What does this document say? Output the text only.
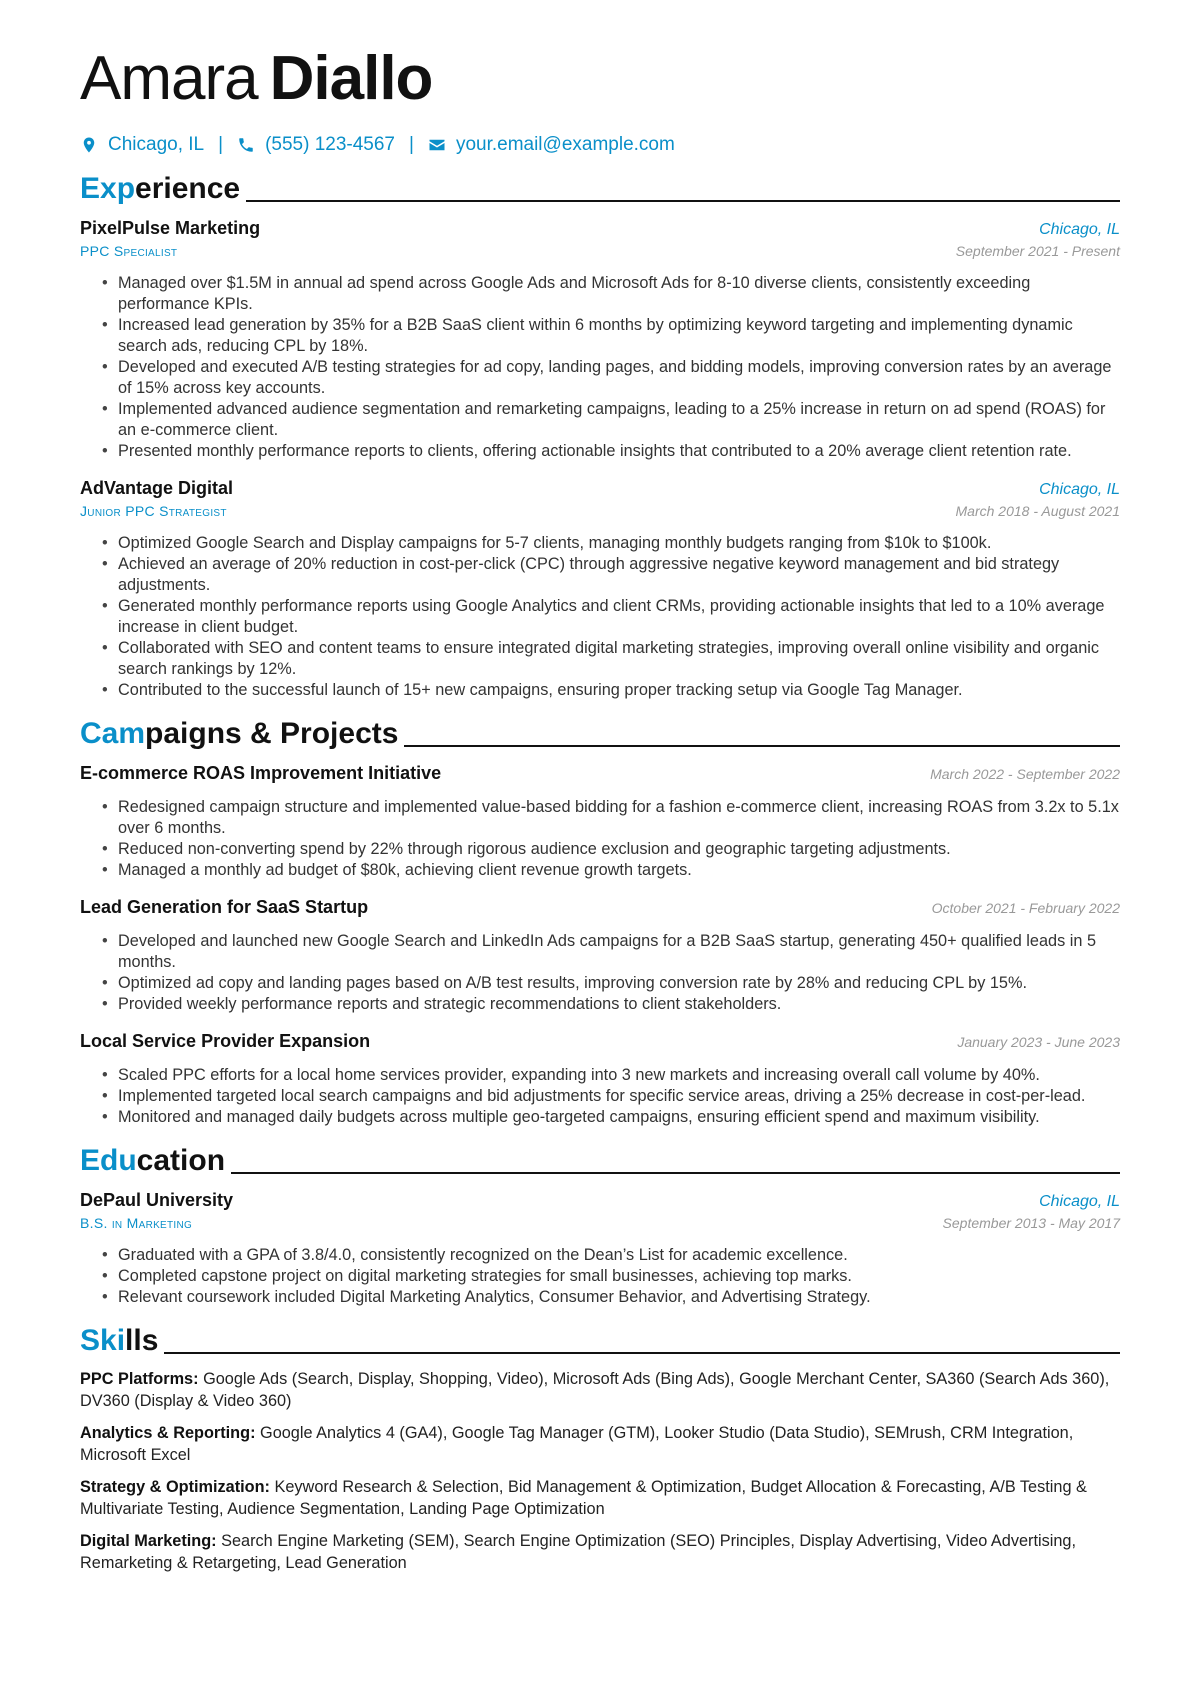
Amara Diallo
Chicago, IL | (555) 123-4567 | your.email@example.com
Experience
PixelPulse Marketing	Chicago, IL
PPC Specialist	September 2021 - Present
• Managed over $1.5M in annual ad spend across Google Ads and Microsoft Ads for 8-10 diverse clients, consistently exceeding performance KPIs.
• Increased lead generation by 35% for a B2B SaaS client within 6 months by optimizing keyword targeting and implementing dynamic search ads, reducing CPL by 18%.
• Developed and executed A/B testing strategies for ad copy, landing pages, and bidding models, improving conversion rates by an average of 15% across key accounts.
• Implemented advanced audience segmentation and remarketing campaigns, leading to a 25% increase in return on ad spend (ROAS) for an e-commerce client.
• Presented monthly performance reports to clients, offering actionable insights that contributed to a 20% average client retention rate.
AdVantage Digital	Chicago, IL
Junior PPC Strategist	March 2018 - August 2021
• Optimized Google Search and Display campaigns for 5-7 clients, managing monthly budgets ranging from $10k to $100k.
• Achieved an average of 20% reduction in cost-per-click (CPC) through aggressive negative keyword management and bid strategy adjustments.
• Generated monthly performance reports using Google Analytics and client CRMs, providing actionable insights that led to a 10% average increase in client budget.
• Collaborated with SEO and content teams to ensure integrated digital marketing strategies, improving overall online visibility and organic search rankings by 12%.
• Contributed to the successful launch of 15+ new campaigns, ensuring proper tracking setup via Google Tag Manager.
Campaigns & Projects
E-commerce ROAS Improvement Initiative	March 2022 - September 2022
• Redesigned campaign structure and implemented value-based bidding for a fashion e-commerce client, increasing ROAS from 3.2x to 5.1x over 6 months.
• Reduced non-converting spend by 22% through rigorous audience exclusion and geographic targeting adjustments.
• Managed a monthly ad budget of $80k, achieving client revenue growth targets.
Lead Generation for SaaS Startup	October 2021 - February 2022
• Developed and launched new Google Search and LinkedIn Ads campaigns for a B2B SaaS startup, generating 450+ qualified leads in 5 months.
• Optimized ad copy and landing pages based on A/B test results, improving conversion rate by 28% and reducing CPL by 15%.
• Provided weekly performance reports and strategic recommendations to client stakeholders.
Local Service Provider Expansion	January 2023 - June 2023
• Scaled PPC efforts for a local home services provider, expanding into 3 new markets and increasing overall call volume by 40%.
• Implemented targeted local search campaigns and bid adjustments for specific service areas, driving a 25% decrease in cost-per-lead.
• Monitored and managed daily budgets across multiple geo-targeted campaigns, ensuring efficient spend and maximum visibility.
Education
DePaul University	Chicago, IL
B.S. in Marketing	September 2013 - May 2017
• Graduated with a GPA of 3.8/4.0, consistently recognized on the Dean’s List for academic excellence.
• Completed capstone project on digital marketing strategies for small businesses, achieving top marks.
• Relevant coursework included Digital Marketing Analytics, Consumer Behavior, and Advertising Strategy.
Skills
PPC Platforms: Google Ads (Search, Display, Shopping, Video), Microsoft Ads (Bing Ads), Google Merchant Center, SA360 (Search Ads 360), DV360 (Display & Video 360)
Analytics & Reporting: Google Analytics 4 (GA4), Google Tag Manager (GTM), Looker Studio (Data Studio), SEMrush, CRM Integration, Microsoft Excel
Strategy & Optimization: Keyword Research & Selection, Bid Management & Optimization, Budget Allocation & Forecasting, A/B Testing & Multivariate Testing, Audience Segmentation, Landing Page Optimization
Digital Marketing: Search Engine Marketing (SEM), Search Engine Optimization (SEO) Principles, Display Advertising, Video Advertising, Remarketing & Retargeting, Lead Generation
